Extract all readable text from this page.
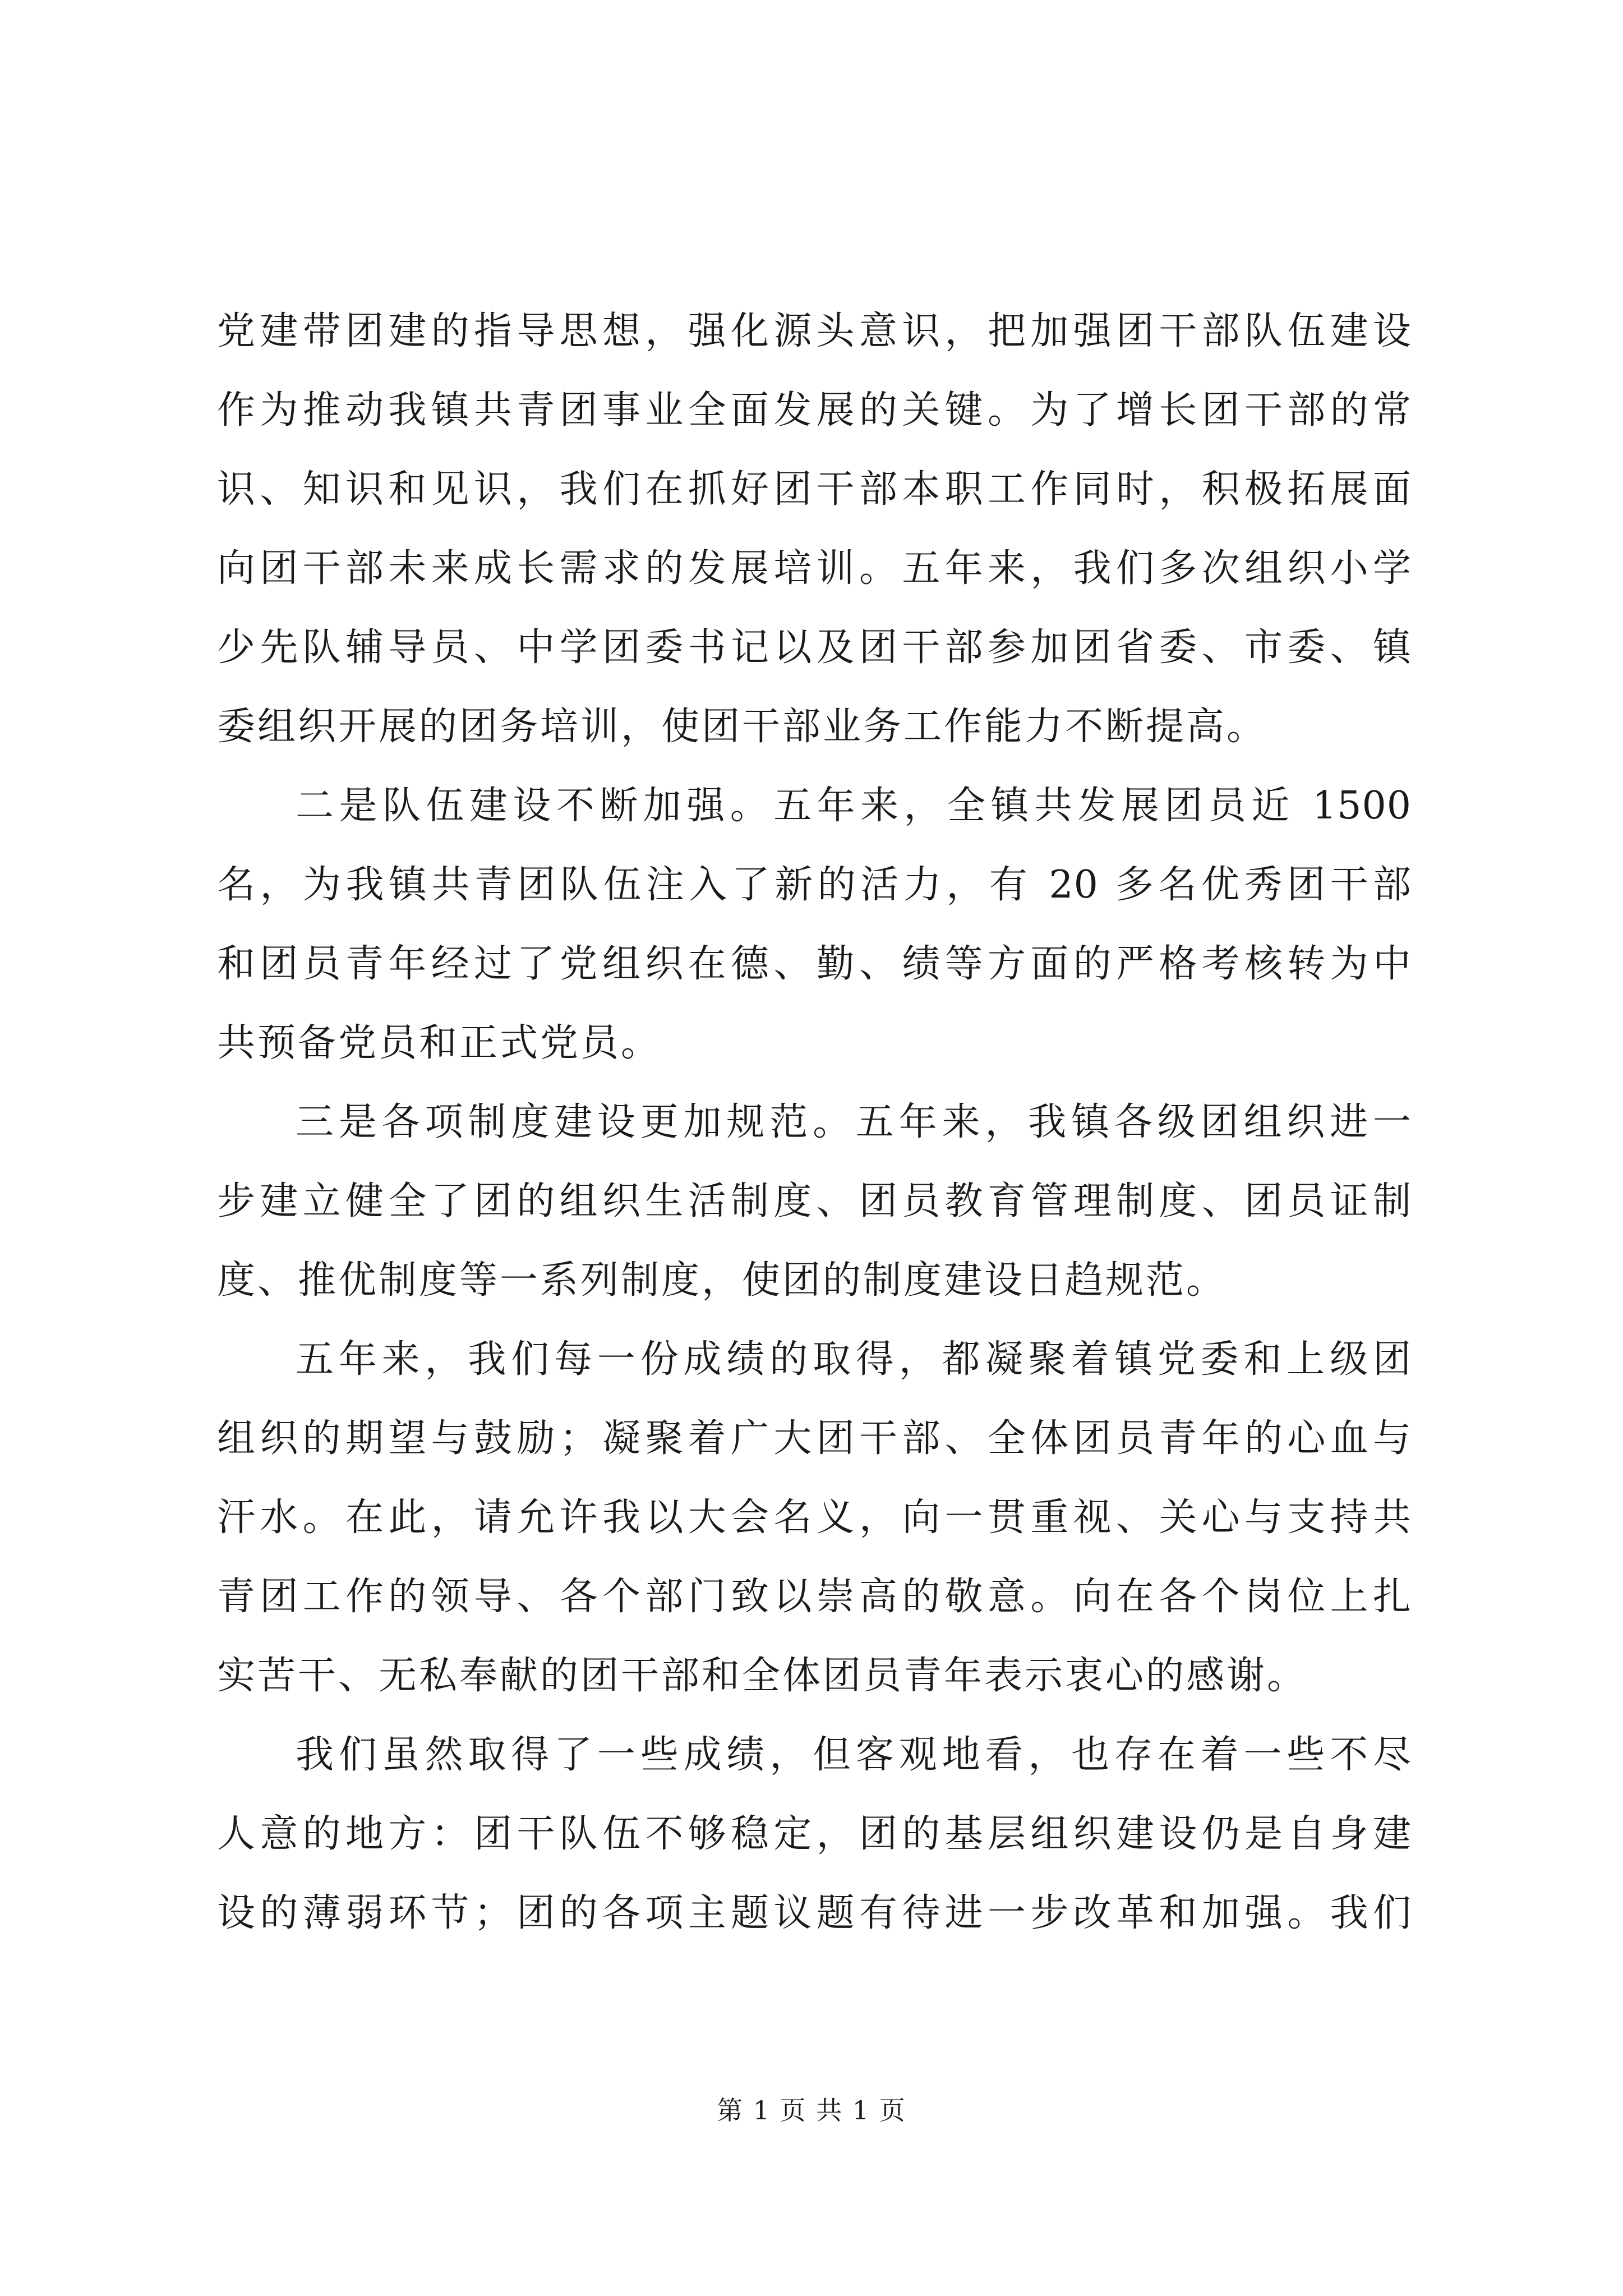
党建带团建的指导思想，强化源头意识，把加强团干部队伍建设
作为推动我镇共青团事业全面发展的关键。为了增长团干部的常
识、知识和见识，我们在抓好团干部本职工作同时，积极拓展面
向团干部未来成长需求的发展培训。五年来，我们多次组织小学
少先队辅导员、中学团委书记以及团干部参加团省委、市委、镇
委组织开展的团务培训，使团干部业务工作能力不断提高。
二是队伍建设不断加强。五年来，全镇共发展团员近 1500
名，为我镇共青团队伍注入了新的活力，有 20 多名优秀团干部
和团员青年经过了党组织在德、勤、绩等方面的严格考核转为中
共预备党员和正式党员。
三是各项制度建设更加规范。五年来，我镇各级团组织进一
步建立健全了团的组织生活制度、团员教育管理制度、团员证制
度、推优制度等一系列制度，使团的制度建设日趋规范。
五年来，我们每一份成绩的取得，都凝聚着镇党委和上级团
组织的期望与鼓励；凝聚着广大团干部、全体团员青年的心血与
汗水。在此，请允许我以大会名义，向一贯重视、关心与支持共
青团工作的领导、各个部门致以崇高的敬意。向在各个岗位上扎
实苦干、无私奉献的团干部和全体团员青年表示衷心的感谢。
我们虽然取得了一些成绩，但客观地看，也存在着一些不尽
人意的地方：团干队伍不够稳定，团的基层组织建设仍是自身建
设的薄弱环节；团的各项主题议题有待进一步改革和加强。我们
第 1 页 共 1 页
